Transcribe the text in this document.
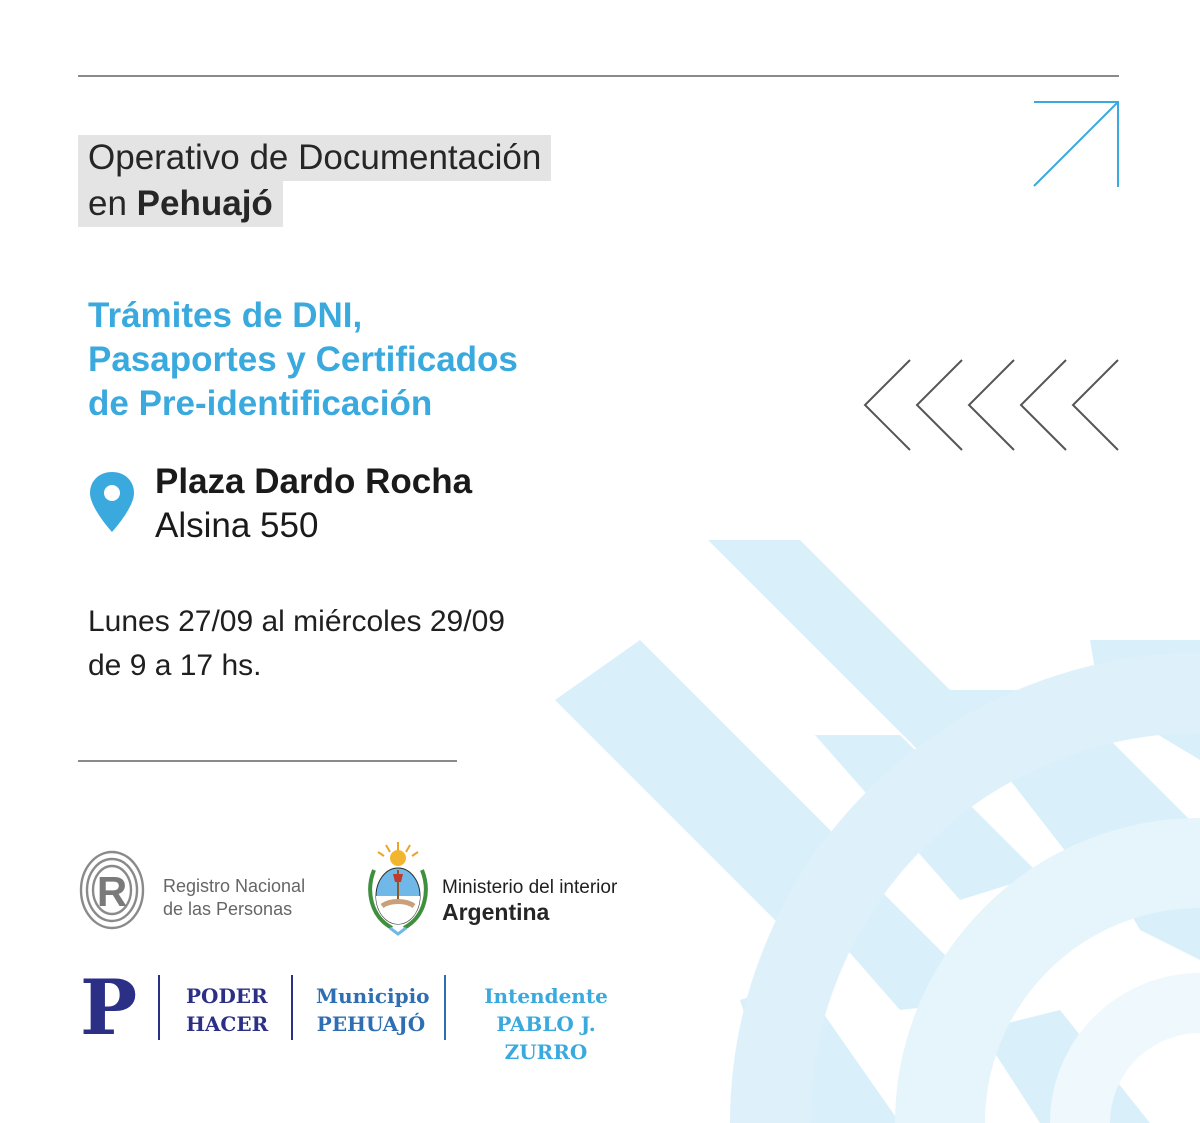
Operativo de Documentación
en Pehuajó
Trámites de DNI,
Pasaportes y Certificados
de Pre-identificación
Plaza Dardo Rocha
Alsina 550
Lunes 27/09 al miércoles 29/09
de 9 a 17 hs.
R Registro Nacional
de las Personas
Ministerio del interior
Argentina
P PODER
HACER
Municipio
PEHUAJÓ
Intendente
PABLO J. ZURRO
